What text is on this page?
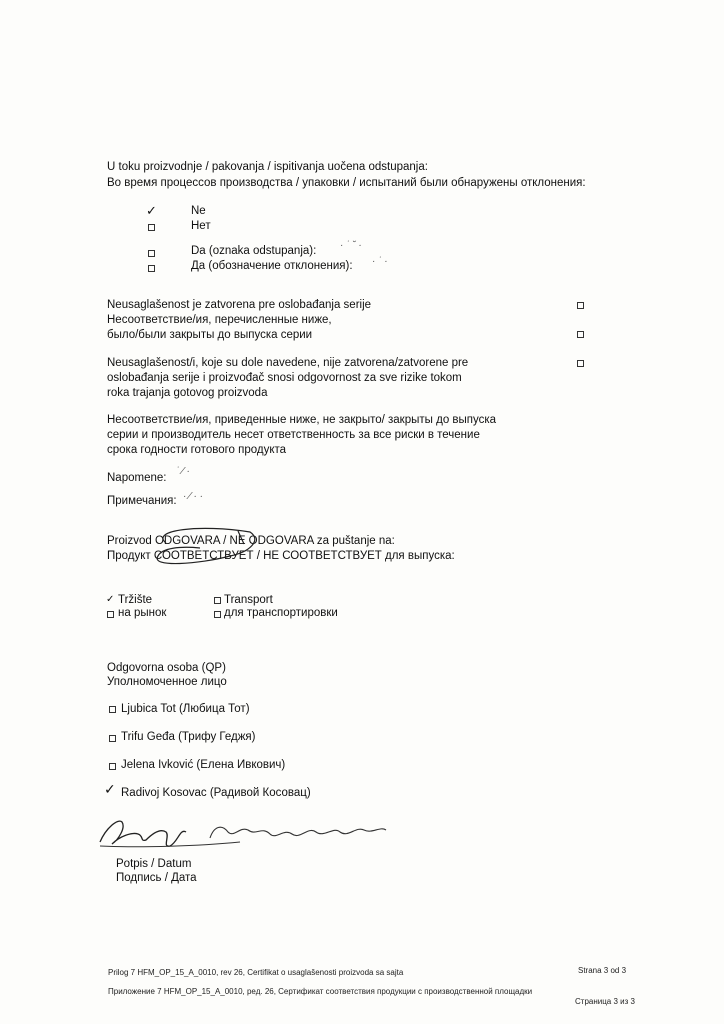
U toku proizvodnje / pakovanja / ispitivanja uočena odstupanja:
Во время процессов производства / упаковки / испытаний были обнаружены отклонения:
✓	Ne
Нет
Da (oznaka odstupanja): · ˙ ˘ ·
Да (обозначение отклонения): · ˙ ·
Neusaglašenost je zatvorena pre oslobađanja serije
Несоответствие/ия, перечисленные ниже,
было/были закрыты до выпуска серии
Neusaglašenost/i, koje su dole navedene, nije zatvorena/zatvorene pre
oslobađanja serije i proizvođač snosi odgovornost za sve rizike tokom
roka trajanja gotovog proizvoda
Несоответствие/ия, приведенные ниже, не закрыто/ закрыты до выпуска
серии и производитель несет ответственность за все риски в течение
срока годности готового продукта
Napomene:
˙ ⁄ ·
Примечания: · ⁄ · ·
Proizvod ODGOVARA / NE ODGOVARA za puštanje na:
Продукт СООТВЕТСТВУЕТ / НЕ СООТВЕТСТВУЕТ для выпуска:
✓ Tržište
на рынок
Transport
для транспортировки
Odgovorna osoba (QP)
Уполномоченное лицо
Ljubica Tot (Любица Тот)
Trifu Geđa (Трифу Геджя)
Jelena Ivković (Елена Ивкович)
✓ Radivoj Kosovac (Радивой Косовац)
Potpis / Datum
Подпись / Дата
Prilog 7 HFM_OP_15_A_0010, rev 26, Certifikat o usaglašenosti proizvoda sa sajta	Strana 3 od 3
Приложение 7 HFM_OP_15_A_0010, ред. 26, Сертификат соответствия продукции с производственной площадки
Страница 3 из 3
